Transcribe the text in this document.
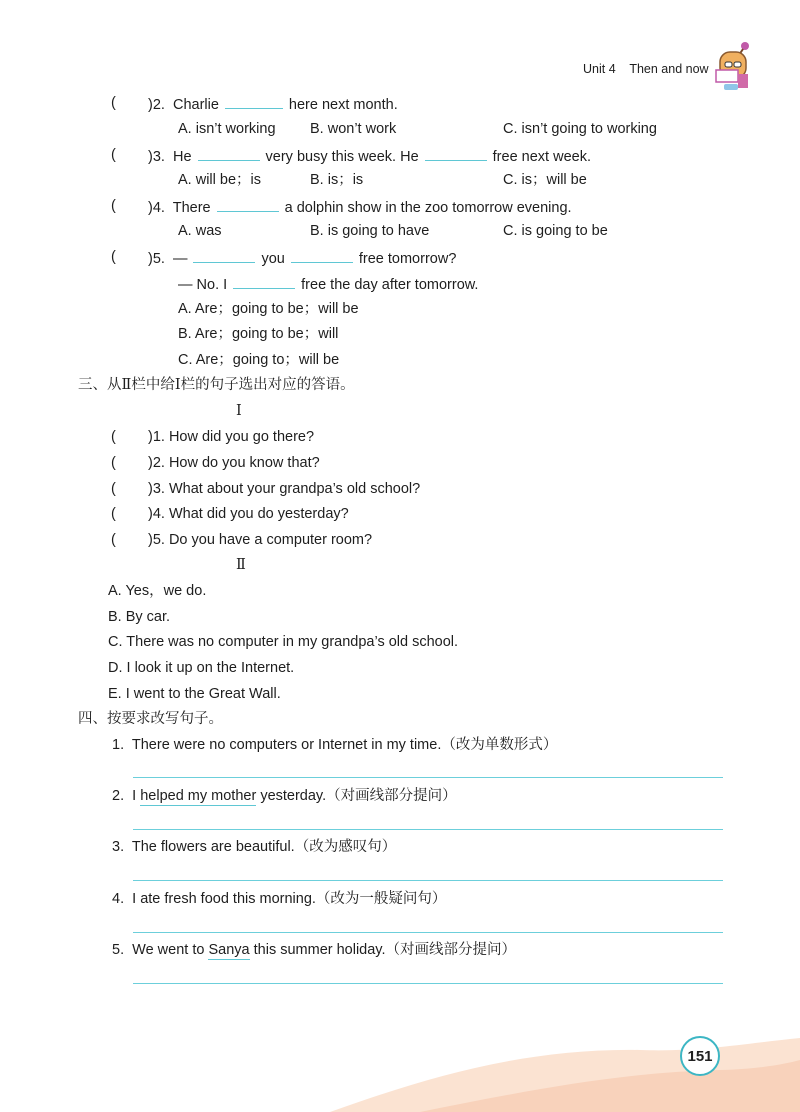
Unit 4 Then and now
( )2. Charlie	here next month.
A. isn’t working B. won’t work	C. isn’t going to working
( )3. He	very busy this week. He	free next week.
A. will be；is	B. is；is	C. is；will be
( )4. There	a dolphin show in the zoo tomorrow evening.
A. was	B. is going to have	C. is going to be
( )5. —	you	free tomorrow?
— No. I	free the day after tomorrow.
A. Are；going to be；will be
B. Are；going to be；will
C. Are；going to；will be
三、从Ⅱ栏中给Ⅰ栏的句子选出对应的答语。
Ⅰ
( )1. How did you go there?
( )2. How do you know that?
( )3. What about your grandpa’s old school?
( )4. What did you do yesterday?
( )5. Do you have a computer room?
Ⅱ
A. Yes，we do.
B. By car.
C. There was no computer in my grandpa’s old school.
D. I look it up on the Internet.
E. I went to the Great Wall.
四、按要求改写句子。
1. There were no computers or Internet in my time.（改为单数形式）
2. I helped my mother yesterday.（对画线部分提问）
3. The flowers are beautiful.（改为感叹句）
4. I ate fresh food this morning.（改为一般疑问句）
5. We went to Sanya this summer holiday.（对画线部分提问）
151
